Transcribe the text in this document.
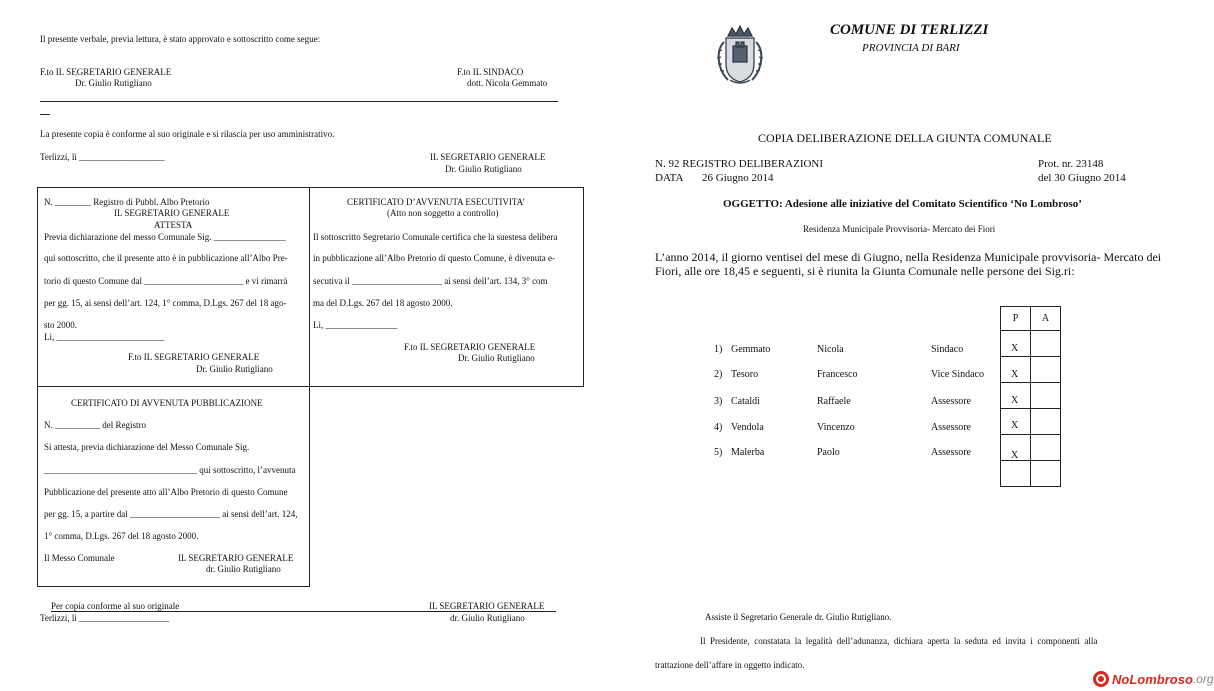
Il presente verbale, previa lettura, è stato approvato e sottoscritto come segue:
F.to IL SEGRETARIO GENERALE
Dr. Giulio Rutigliano
F.to IL SINDACO
dott. Nicola Gemmato
La presente copia è conforme al suo originale e si rilascia per uso amministrativo.
Terlizzi, lì ___________________	IL SEGRETARIO GENERALE
Dr. Giulio Rutigliano
N. ________ Registro di Pubbl. Albo Pretorio
IL SEGRETARIO GENERALE
ATTESTA
Previa dichiarazione del messo Comunale Sig. ________________
qui sottoscritto, che il presente atto è in pubblicazione all’Albo Pre-
torio di questo Comune dal ______________________ e vi rimarrà
per gg. 15, ai sensi dell’art. 124, 1° comma, D.Lgs. 267 del 18 ago-
sto 2000.
Lì, ________________________
F.to IL SEGRETARIO GENERALE
Dr. Giulio Rutigliano
CERTIFICATO D’AVVENUTA ESECUTIVITA’
(Atto non soggetto a controllo)
Il sottoscritto Segretario Comunale certifica che la suestesa delibera
in pubblicazione all’Albo Pretorio di questo Comune, è divenuta e-
secutiva il ____________________ ai sensi dell’art. 134, 3° com
ma del D.Lgs. 267 del 18 agosto 2000.
Lì, ________________
F.to IL SEGRETARIO GENERALE
Dr. Giulio Rutigliano
CERTIFICATO DI AVVENUTA PUBBLICAZIONE
N. __________ del Registro
Si attesta, previa dichiarazione del Messo Comunale Sig.
__________________________________ qui sottoscritto, l’avvenuta
Pubblicazione del presente atto all’Albo Pretorio di questo Comune
per gg. 15, a partire dal ____________________ ai sensi dell’art. 124,
1° comma, D.Lgs. 267 del 18 agosto 2000.
Il Messo Comunale	IL SEGRETARIO GENERALE
dr. Giulio Rutigliano
Per copia conforme al suo originale	IL SEGRETARIO GENERALE
Terlizzi, lì ____________________	dr. Giulio Rutigliano
COMUNE DI TERLIZZI
PROVINCIA DI BARI
COPIA DELIBERAZIONE DELLA GIUNTA COMUNALE
N. 92 REGISTRO DELIBERAZIONI
DATA 26 Giugno 2014
Prot. nr. 23148
del 30 Giugno 2014
OGGETTO: Adesione alle iniziative del Comitato Scientifico ‘No Lombroso’
Residenza Municipale Provvisoria- Mercato dei Fiori
L’anno 2014, il giorno ventisei del mese di Giugno, nella Residenza Municipale provvisoria- Mercato dei
Fiori, alle ore 18,45 e seguenti, si è riunita la Giunta Comunale nelle persone dei Sig.ri:
P	A
1) Gemmato	Nicola	Sindaco	X
2) Tesoro	Francesco	Vice Sindaco	X
3) Cataldi	Raffaele	Assessore	X
4) Vendola	Vincenzo	Assessore	X
5) Malerba	Paolo	Assessore	X
Assiste il Segretario Generale dr. Giulio Rutigliano.
Il  Presidente,  constatata  la  legalità  dell’adunanza,  dichiara  aperta  la  seduta  ed  invita  i  componenti  alla
trattazione dell’affare in oggetto indicato.
No Lombroso .org
